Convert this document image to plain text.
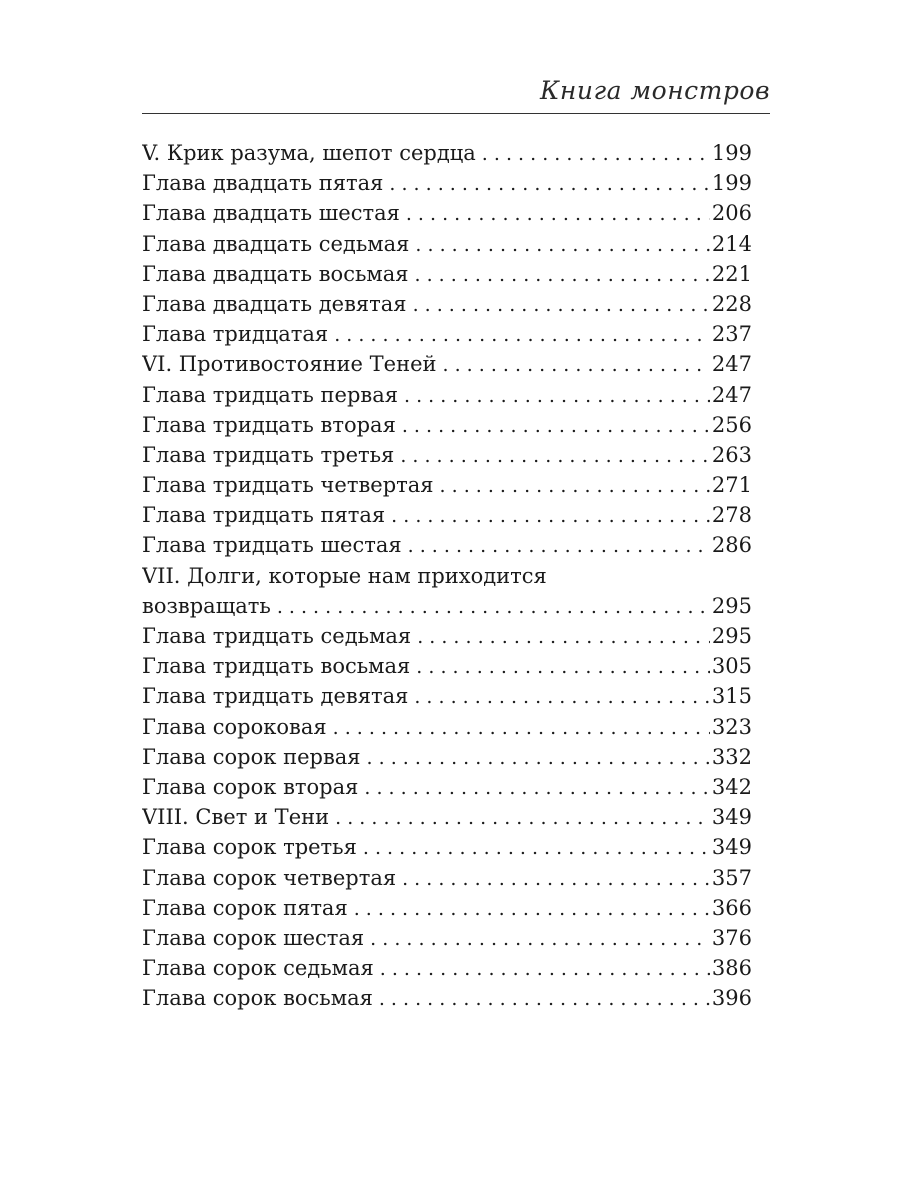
Книга монстров
V. Крик разума, шепот сердца . . .	199
Глава двадцать пятая . . .	199
Глава двадцать шестая . . .	206
Глава двадцать седьмая . . .	214
Глава двадцать восьмая . . .	221
Глава двадцать девятая . . .	228
Глава тридцатая . . .	237
VI. Противостояние Теней . . .	247
Глава тридцать первая . . .	247
Глава тридцать вторая . . .	256
Глава тридцать третья . . .	263
Глава тридцать четвертая . . .	271
Глава тридцать пятая . . .	278
Глава тридцать шестая . . .	286
VII. Долги, которые нам приходится
возвращать . . .	295
Глава тридцать седьмая . . .	295
Глава тридцать восьмая . . .	305
Глава тридцать девятая . . .	315
Глава сороковая . . .	323
Глава сорок первая . . .	332
Глава сорок вторая . . .	342
VIII. Свет и Тени . . .	349
Глава сорок третья . . .	349
Глава сорок четвертая . . .	357
Глава сорок пятая . . .	366
Глава сорок шестая . . .	376
Глава сорок седьмая . . .	386
Глава сорок восьмая . . .	396
